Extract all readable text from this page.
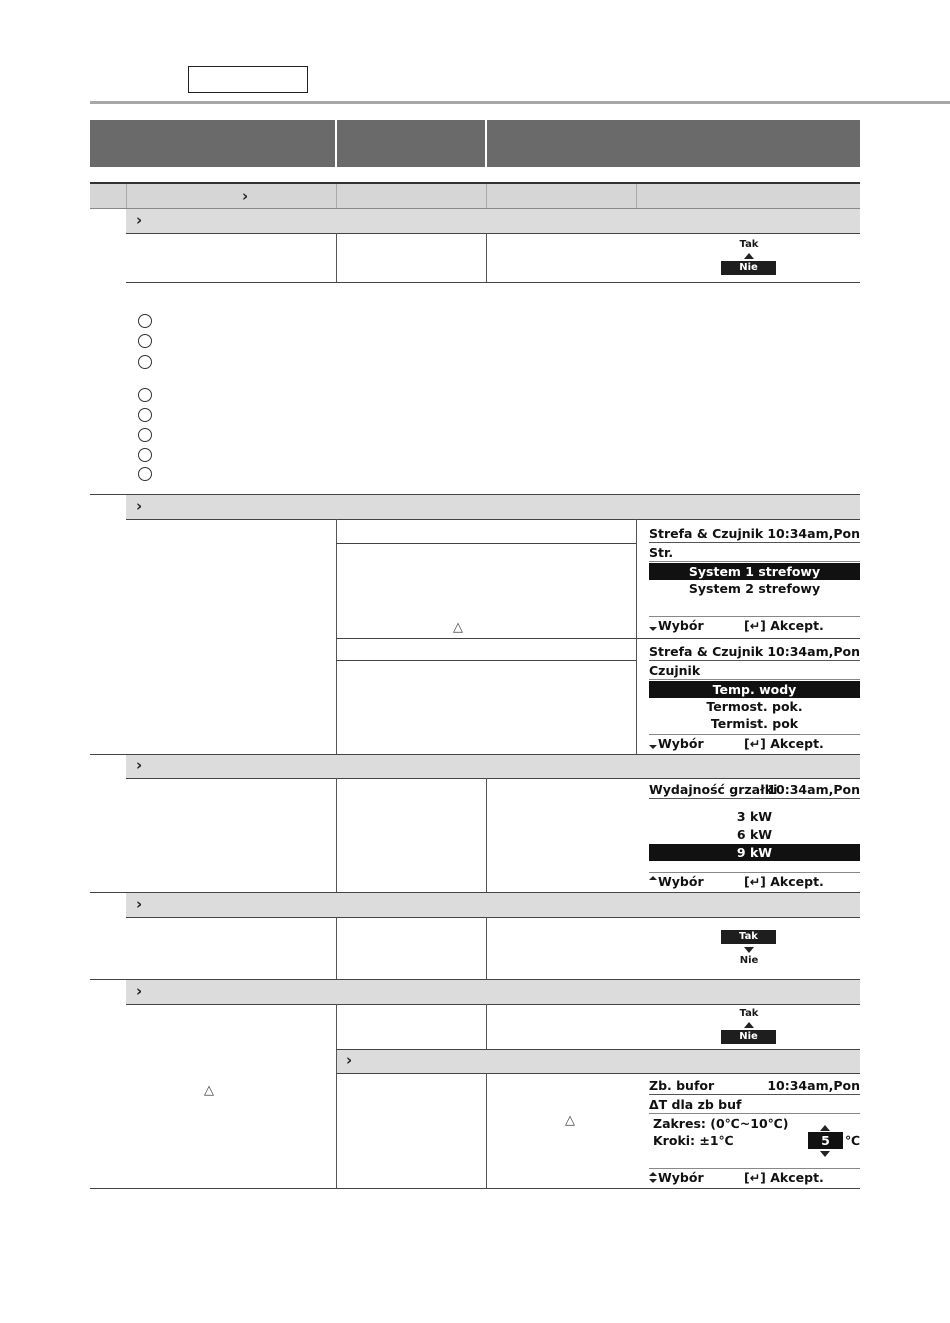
›
›
Tak
Nie
›
△
Strefa & Czujnik 10:34am,Pon
Str.
System 1 strefowy
System 2 strefowy
Wybór	[↵] Akcept.
Strefa & Czujnik 10:34am,Pon
Czujnik
Temp. wody
Termost. pok.
Termist. pok
Wybór	[↵] Akcept.
›
Wydajność grzałki
10:34am,Pon
3 kW
6 kW
9 kW
Wybór	[↵] Akcept.
›
Tak
Nie
›
△
Tak
Nie
›
△
Zb. bufor	10:34am,Pon
ΔT dla zb buf
Zakres: (0℃~10℃)
Kroki: ±1℃	5	℃
Wybór	[↵] Akcept.
